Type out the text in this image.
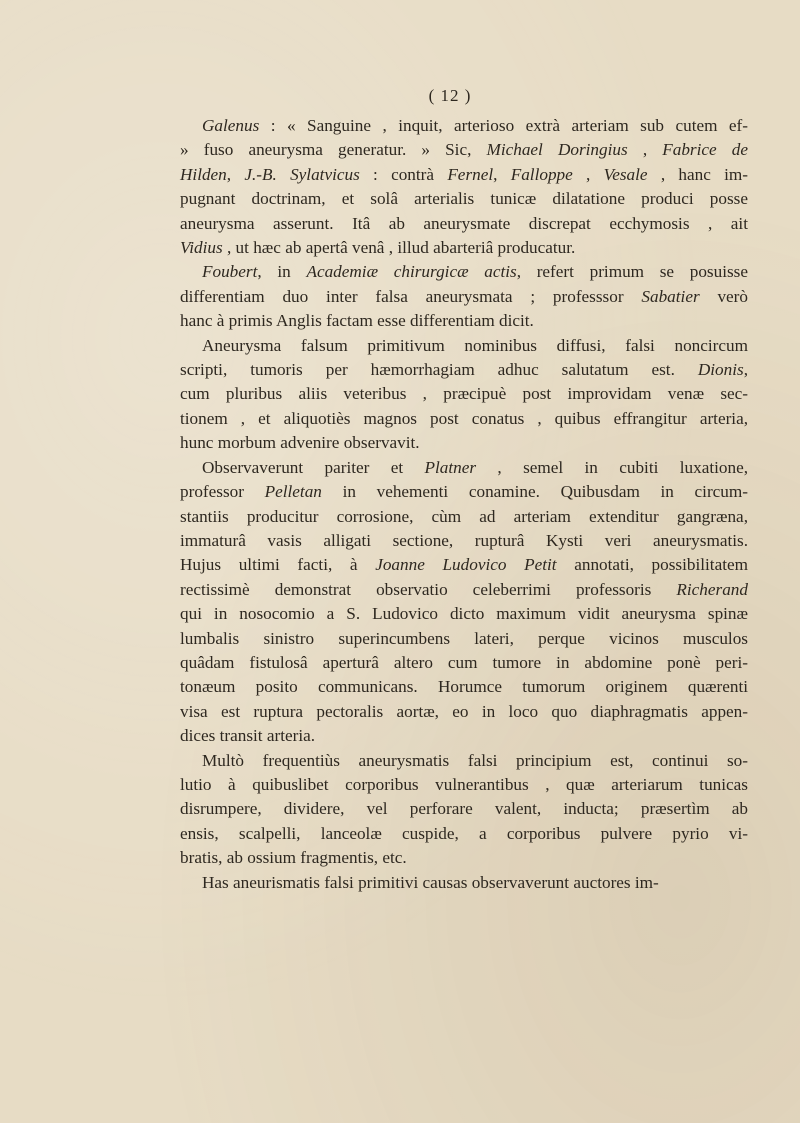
( 12 )
Galenus : « Sanguine , inquit, arterioso extrà arteriam sub cutem ef-
» fuso aneurysma generatur. » Sic, Michael Doringius , Fabrice de
Hilden, J.-B. Sylatvicus : contrà Fernel, Falloppe , Vesale , hanc im-
pugnant doctrinam, et solâ arterialis tunicæ dilatatione produci posse
aneurysma asserunt. Itâ ab aneurysmate discrepat ecchymosis , ait
Vidius , ut hæc ab apertâ venâ , illud abarteriâ producatur.
Foubert, in Academiæ chirurgicæ actis, refert primum se posuisse
differentiam duo inter falsa aneurysmata ; professsor Sabatier verò
hanc à primis Anglis factam esse differentiam dicit.
Aneurysma falsum primitivum nominibus diffusi, falsi noncircum
scripti, tumoris per hæmorrhagiam adhuc salutatum est. Dionis,
cum pluribus aliis veteribus , præcipuè post improvidam venæ sec-
tionem , et aliquotiès magnos post conatus , quibus effrangitur arteria,
hunc morbum advenire observavit.
Observaverunt pariter et Platner , semel in cubiti luxatione,
professor Pelletan in vehementi conamine. Quibusdam in circum-
stantiis producitur corrosione, cùm ad arteriam extenditur gangræna,
immaturâ vasis alligati sectione, rupturâ Kysti veri aneurysmatis.
Hujus ultimi facti, à Joanne Ludovico Petit annotati, possibilitatem
rectissimè demonstrat observatio celeberrimi professoris Richerand
qui in nosocomio a S. Ludovico dicto maximum vidit aneurysma spinæ
lumbalis sinistro superincumbens lateri, perque vicinos musculos
quâdam fistulosâ aperturâ altero cum tumore in abdomine ponè peri-
tonæum posito communicans. Horumce tumorum originem quærenti
visa est ruptura pectoralis aortæ, eo in loco quo diaphragmatis appen-
dices transit arteria.
Multò frequentiùs aneurysmatis falsi principium est, continui so-
lutio à quibuslibet corporibus vulnerantibus , quæ arteriarum tunicas
disrumpere, dividere, vel perforare valent, inducta; præsertìm ab
ensis, scalpelli, lanceolæ cuspide, a corporibus pulvere pyrio vi-
bratis, ab ossium fragmentis, etc.
Has aneurismatis falsi primitivi causas observaverunt auctores im-
